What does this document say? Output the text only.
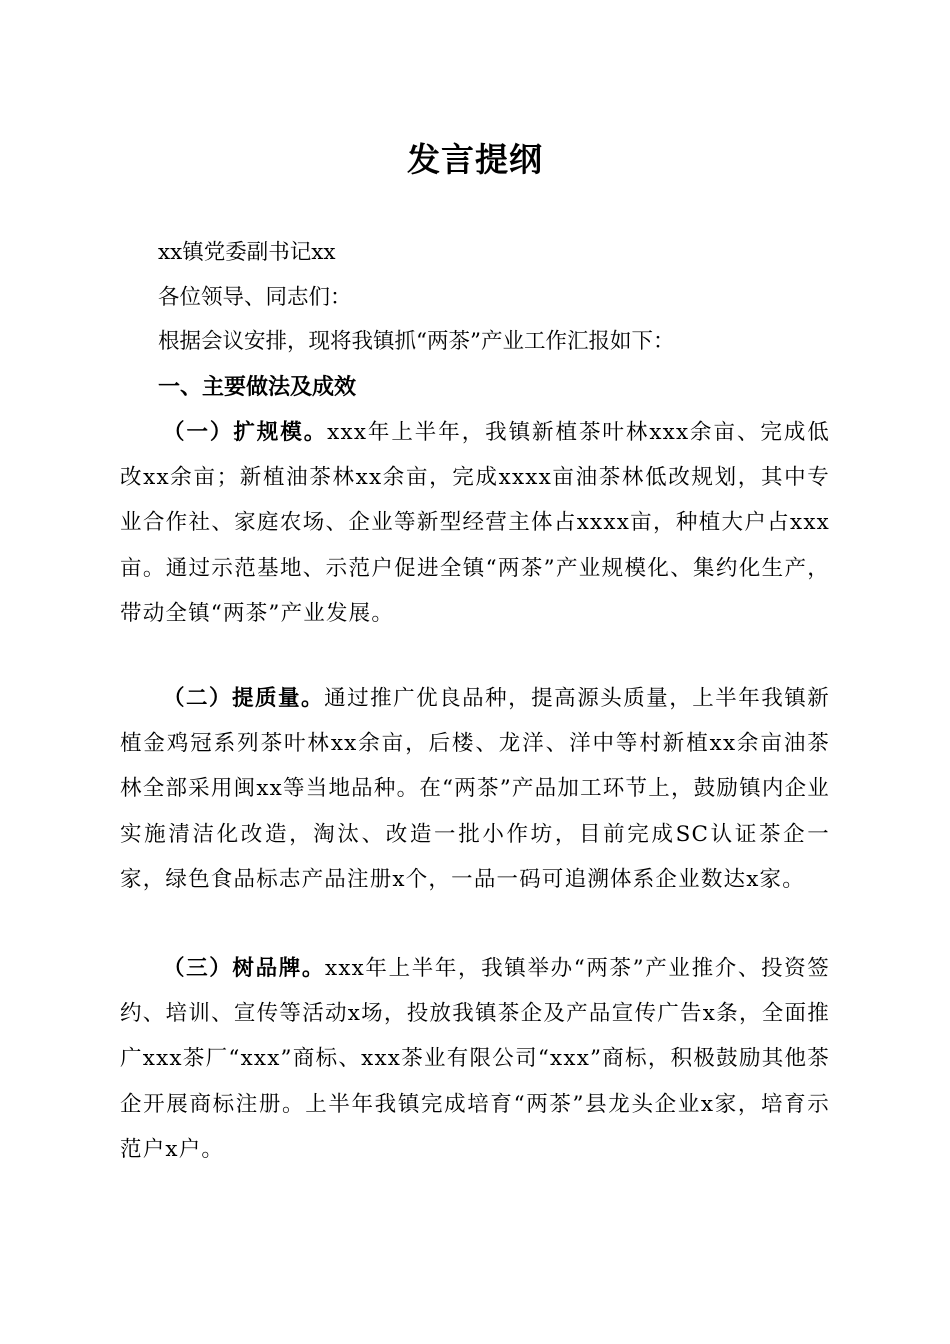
发言提纲
xx镇党委副书记xx
各位领导、同志们：
根据会议安排，现将我镇抓“两茶”产业工作汇报如下：
一、主要做法及成效
（一）扩规模。xxx年上半年，我镇新植茶叶林xxx余亩、完成低改xx余亩；新植油茶林xx余亩，完成xxxx亩油茶林低改规划，其中专业合作社、家庭农场、企业等新型经营主体占xxxx亩，种植大户占xxx亩。通过示范基地、示范户促进全镇“两茶”产业规模化、集约化生产，带动全镇“两茶”产业发展。
（二）提质量。通过推广优良品种，提高源头质量，上半年我镇新植金鸡冠系列茶叶林xx余亩，后楼、龙洋、洋中等村新植xx余亩油茶林全部采用闽xx等当地品种。在“两茶”产品加工环节上，鼓励镇内企业实施清洁化改造，淘汰、改造一批小作坊，目前完成SC认证茶企一家，绿色食品标志产品注册x个，一品一码可追溯体系企业数达x家。
（三）树品牌。xxx年上半年，我镇举办“两茶”产业推介、投资签约、培训、宣传等活动x场，投放我镇茶企及产品宣传广告x条，全面推广xxx茶厂“xxx”商标、xxx茶业有限公司“xxx”商标，积极鼓励其他茶企开展商标注册。上半年我镇完成培育“两茶”县龙头企业x家，培育示范户x户。
